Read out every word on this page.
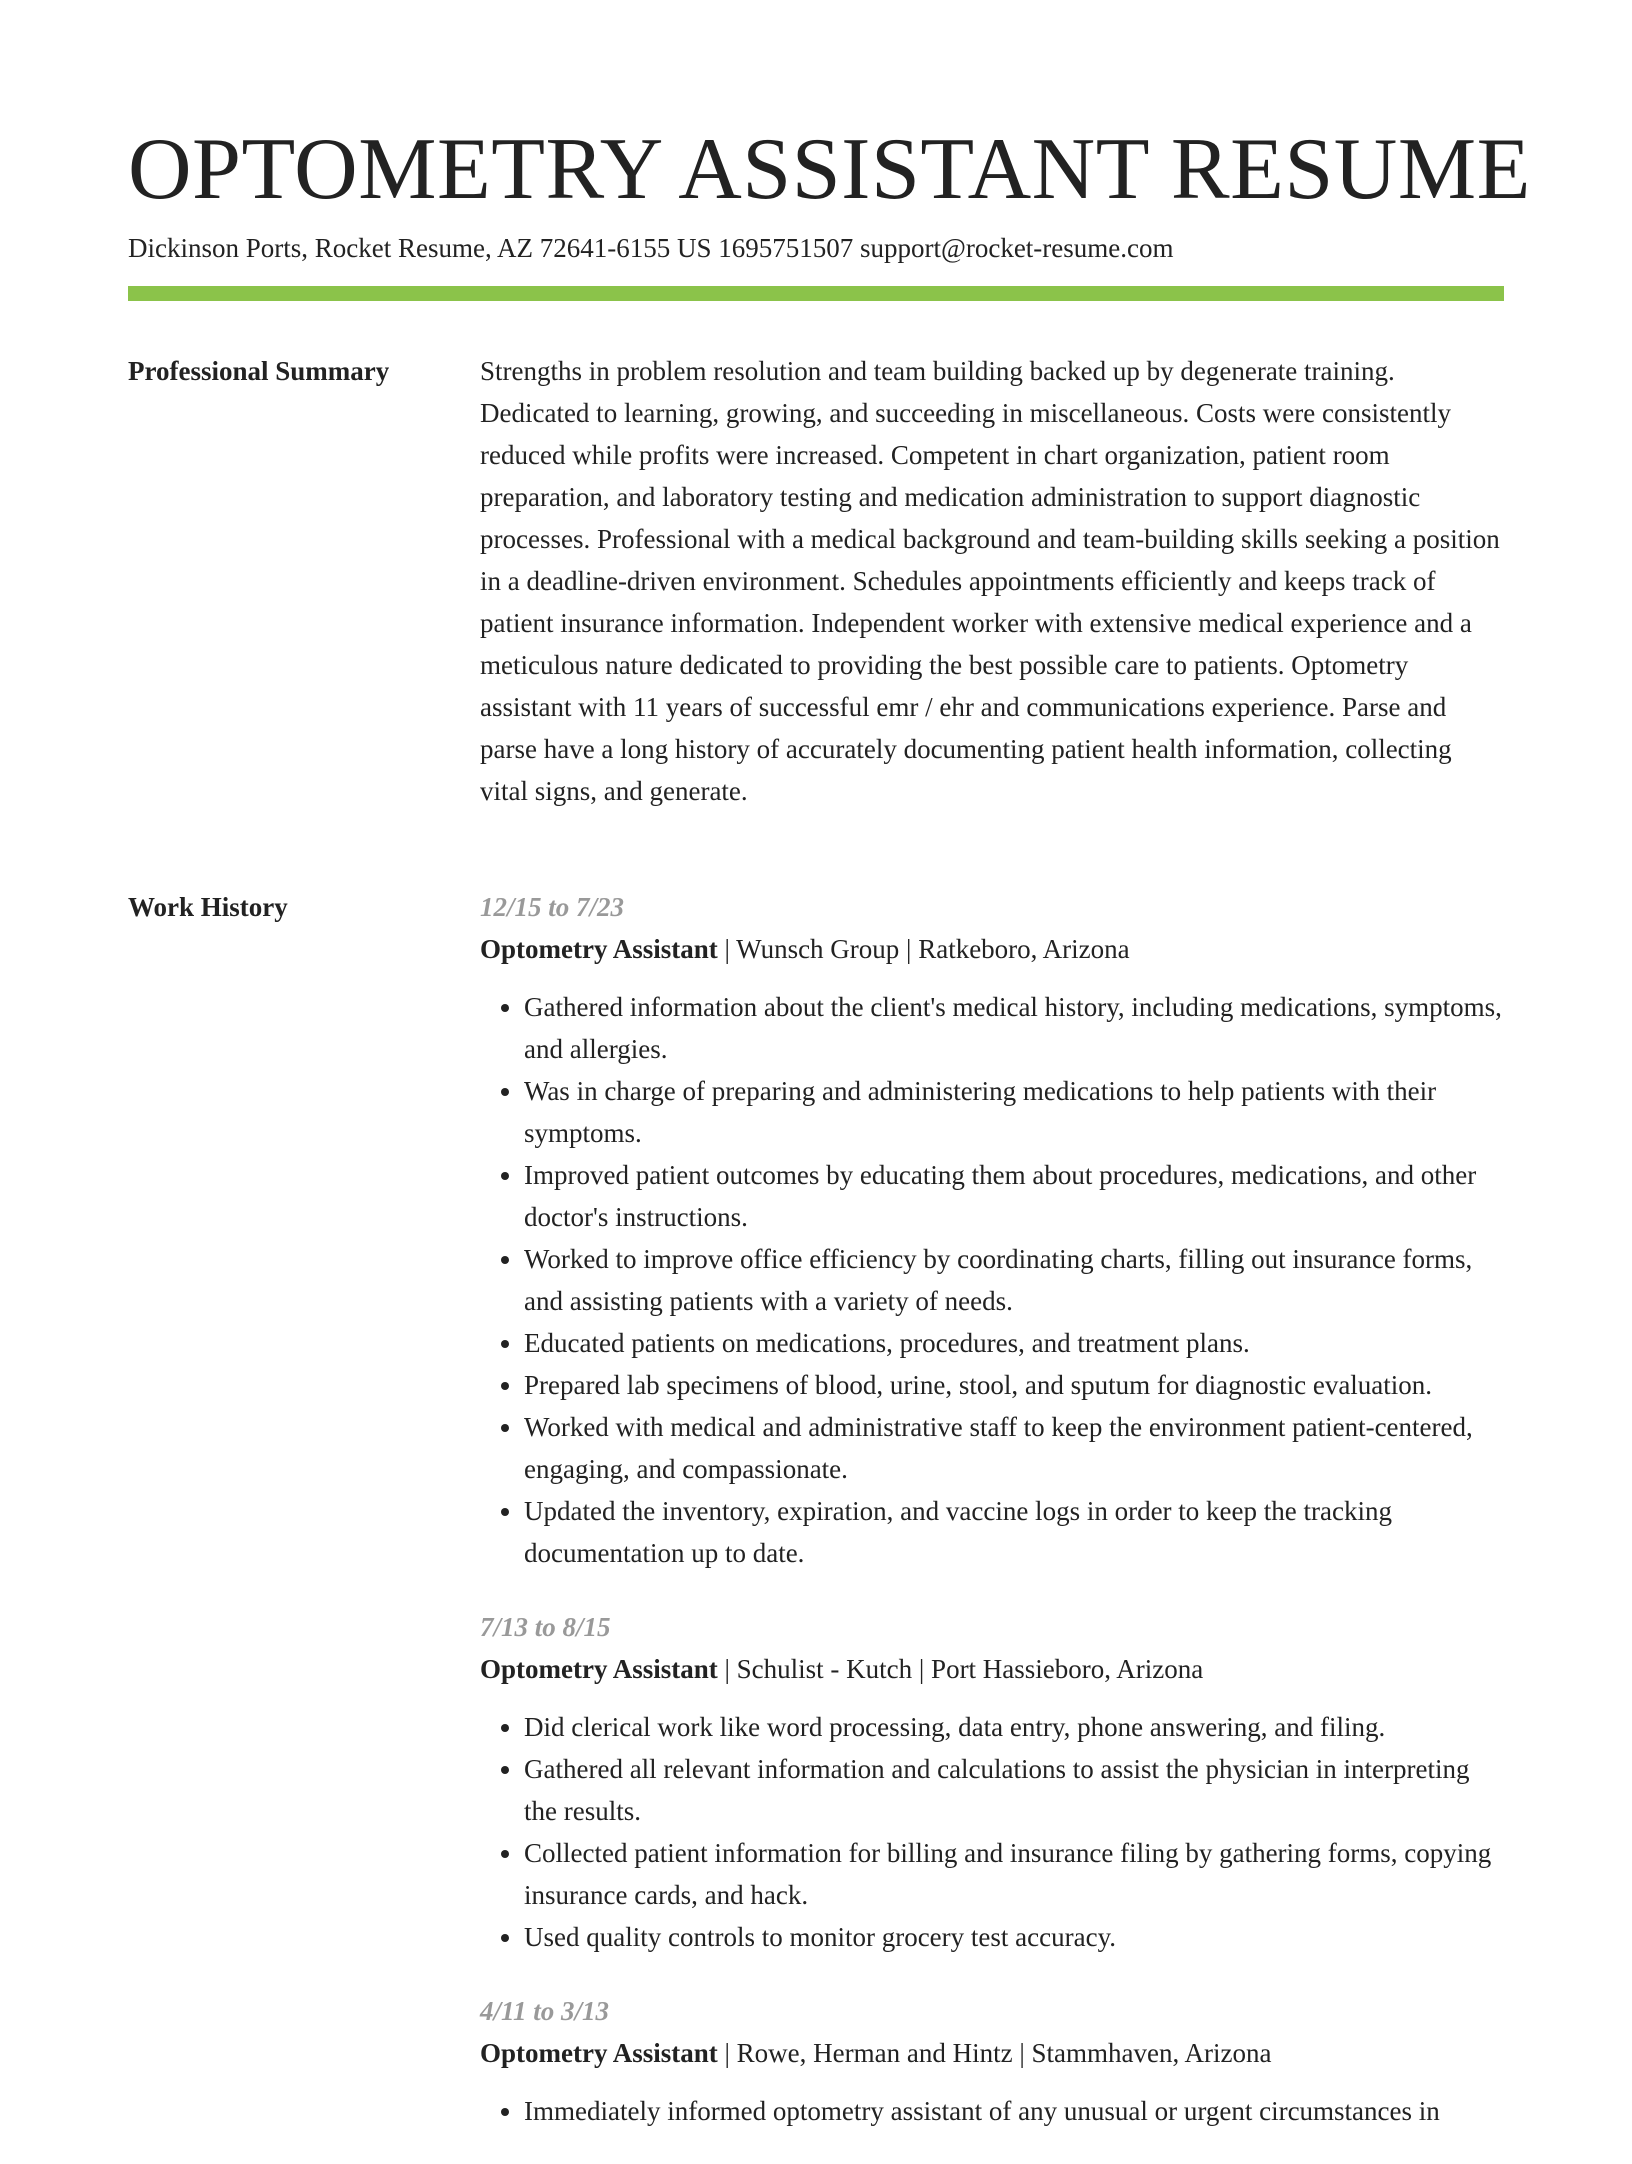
OPTOMETRY ASSISTANT RESUME
Dickinson Ports, Rocket Resume, AZ 72641-6155 US 1695751507 support@rocket-resume.com
Professional Summary	Strengths in problem resolution and team building backed up by degenerate training. Dedicated to learning, growing, and succeeding in miscellaneous. Costs were consistently reduced while profits were increased. Competent in chart organization, patient room preparation, and laboratory testing and medication administration to support diagnostic processes. Professional with a medical background and team-building skills seeking a position in a deadline-driven environment. Schedules appointments efficiently and keeps track of patient insurance information. Independent worker with extensive medical experience and a meticulous nature dedicated to providing the best possible care to patients. Optometry assistant with 11 years of successful emr / ehr and communications experience. Parse and parse have a long history of accurately documenting patient health information, collecting vital signs, and generate.

Work History	12/15 to 7/23
Optometry Assistant | Wunsch Group | Ratkeboro, Arizona
• Gathered information about the client's medical history, including medications, symptoms, and allergies.
• Was in charge of preparing and administering medications to help patients with their symptoms.
• Improved patient outcomes by educating them about procedures, medications, and other doctor's instructions.
• Worked to improve office efficiency by coordinating charts, filling out insurance forms, and assisting patients with a variety of needs.
• Educated patients on medications, procedures, and treatment plans.
• Prepared lab specimens of blood, urine, stool, and sputum for diagnostic evaluation.
• Worked with medical and administrative staff to keep the environment patient-centered, engaging, and compassionate.
• Updated the inventory, expiration, and vaccine logs in order to keep the tracking documentation up to date.
7/13 to 8/15
Optometry Assistant | Schulist - Kutch | Port Hassieboro, Arizona
• Did clerical work like word processing, data entry, phone answering, and filing.
• Gathered all relevant information and calculations to assist the physician in interpreting the results.
• Collected patient information for billing and insurance filing by gathering forms, copying insurance cards, and hack.
• Used quality controls to monitor grocery test accuracy.
4/11 to 3/13
Optometry Assistant | Rowe, Herman and Hintz | Stammhaven, Arizona
• Immediately informed optometry assistant of any unusual or urgent circumstances in
